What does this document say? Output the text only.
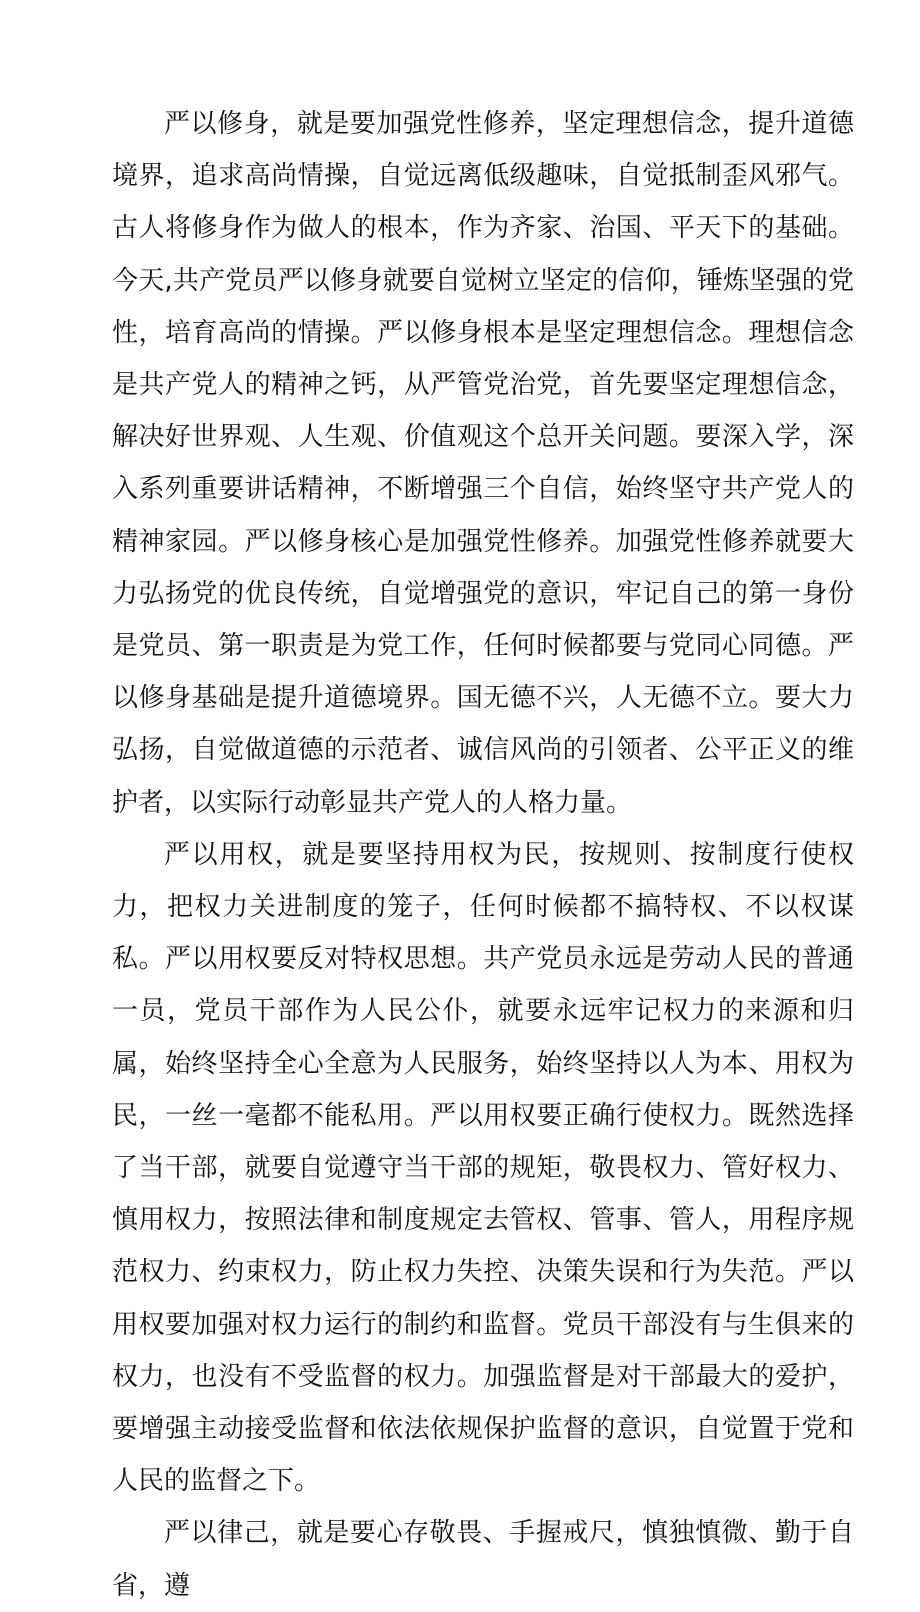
严以修身，就是要加强党性修养，坚定理想信念，提升道德境界，追求高尚情操，自觉远离低级趣味，自觉抵制歪风邪气。古人将修身作为做人的根本，作为齐家、治国、平天下的基础。今天,共产党员严以修身就要自觉树立坚定的信仰，锤炼坚强的党性，培育高尚的情操。严以修身根本是坚定理想信念。理想信念是共产党人的精神之钙，从严管党治党，首先要坚定理想信念，解决好世界观、人生观、价值观这个总开关问题。要深入学，深入系列重要讲话精神，不断增强三个自信，始终坚守共产党人的精神家园。严以修身核心是加强党性修养。加强党性修养就要大力弘扬党的优良传统，自觉增强党的意识，牢记自己的第一身份是党员、第一职责是为党工作，任何时候都要与党同心同德。严以修身基础是提升道德境界。国无德不兴，人无德不立。要大力弘扬，自觉做道德的示范者、诚信风尚的引领者、公平正义的维护者，以实际行动彰显共产党人的人格力量。

严以用权，就是要坚持用权为民，按规则、按制度行使权力，把权力关进制度的笼子，任何时候都不搞特权、不以权谋私。严以用权要反对特权思想。共产党员永远是劳动人民的普通一员，党员干部作为人民公仆，就要永远牢记权力的来源和归属，始终坚持全心全意为人民服务，始终坚持以人为本、用权为民，一丝一毫都不能私用。严以用权要正确行使权力。既然选择了当干部，就要自觉遵守当干部的规矩，敬畏权力、管好权力、慎用权力，按照法律和制度规定去管权、管事、管人，用程序规范权力、约束权力，防止权力失控、决策失误和行为失范。严以用权要加强对权力运行的制约和监督。党员干部没有与生俱来的权力，也没有不受监督的权力。加强监督是对干部最大的爱护，要增强主动接受监督和依法依规保护监督的意识，自觉置于党和人民的监督之下。

严以律己，就是要心存敬畏、手握戒尺，慎独慎微、勤于自省，遵
